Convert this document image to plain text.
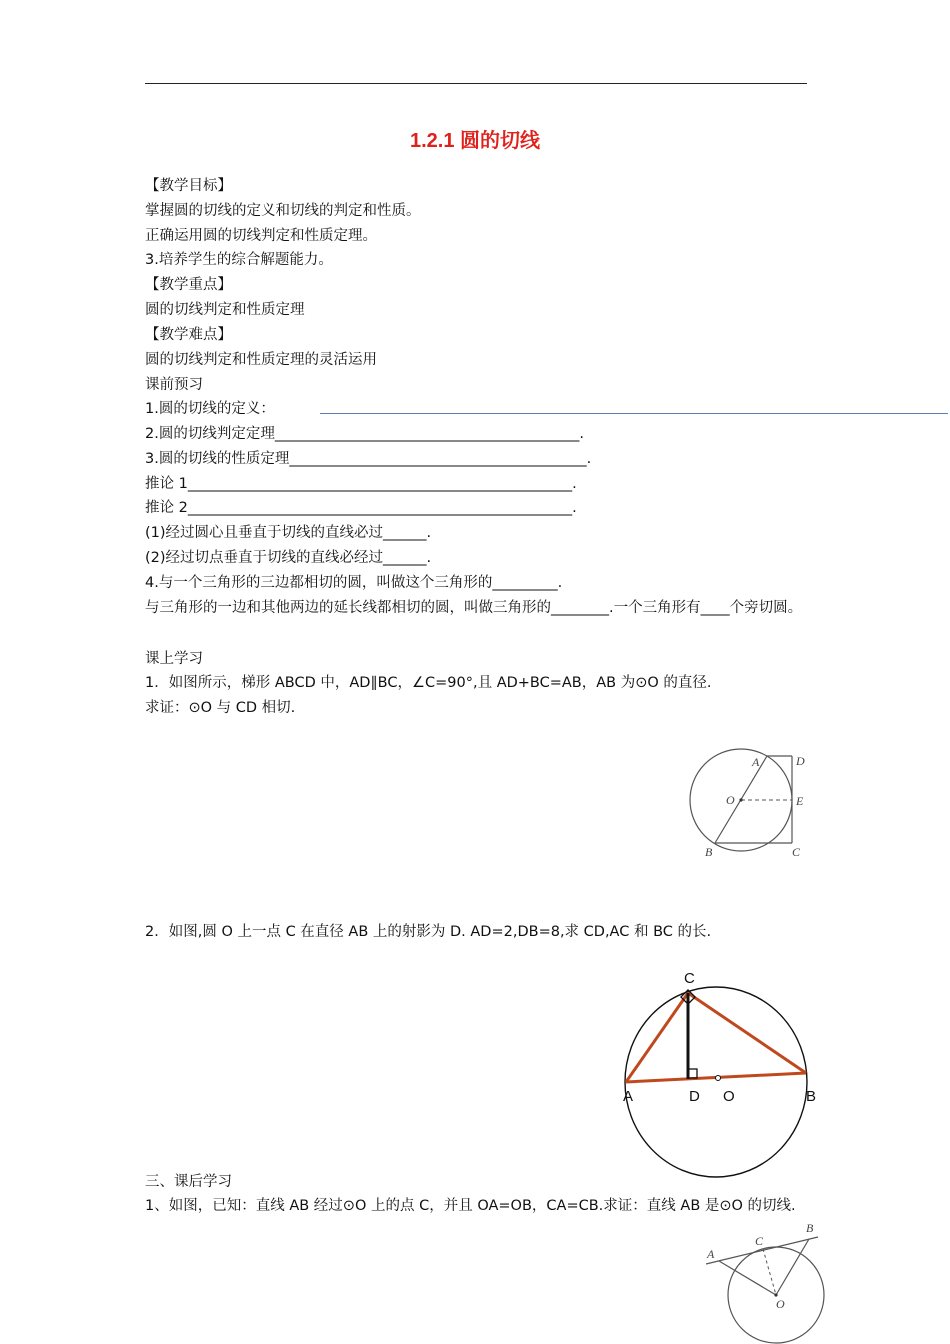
1.2.1 圆的切线
【教学目标】
掌握圆的切线的定义和切线的判定和性质。
正确运用圆的切线判定和性质定理。
3.培养学生的综合解题能力。
【教学重点】
圆的切线判定和性质定理
【教学难点】
圆的切线判定和性质定理的灵活运用
课前预习
1.圆的切线的定义：
2.圆的切线判定定理__________________________________________.
3.圆的切线的性质定理_________________________________________.
推论 1_____________________________________________________.
推论 2_____________________________________________________.
(1)经过圆心且垂直于切线的直线必过______.
(2)经过切点垂直于切线的直线必经过______.
4.与一个三角形的三边都相切的圆，叫做这个三角形的_________.
与三角形的一边和其他两边的延长线都相切的圆，叫做三角形的________.一个三角形有____个旁切圆。
课上学习
1．如图所示，梯形 ABCD 中，AD∥BC，∠C=90°,且 AD+BC=AB，AB 为⊙O 的直径.
求证：⊙O 与 CD 相切.
A	D
O	E
B	C
2．如图,圆 O 上一点 C 在直径 AB 上的射影为 D. AD=2,DB=8,求 CD,AC 和 BC 的长.
C
A	D O	B
三、课后学习
1、如图，已知：直线 AB 经过⊙O 上的点 C，并且 OA=OB，CA=CB.求证：直线 AB 是⊙O 的切线.
A
C
B
O
